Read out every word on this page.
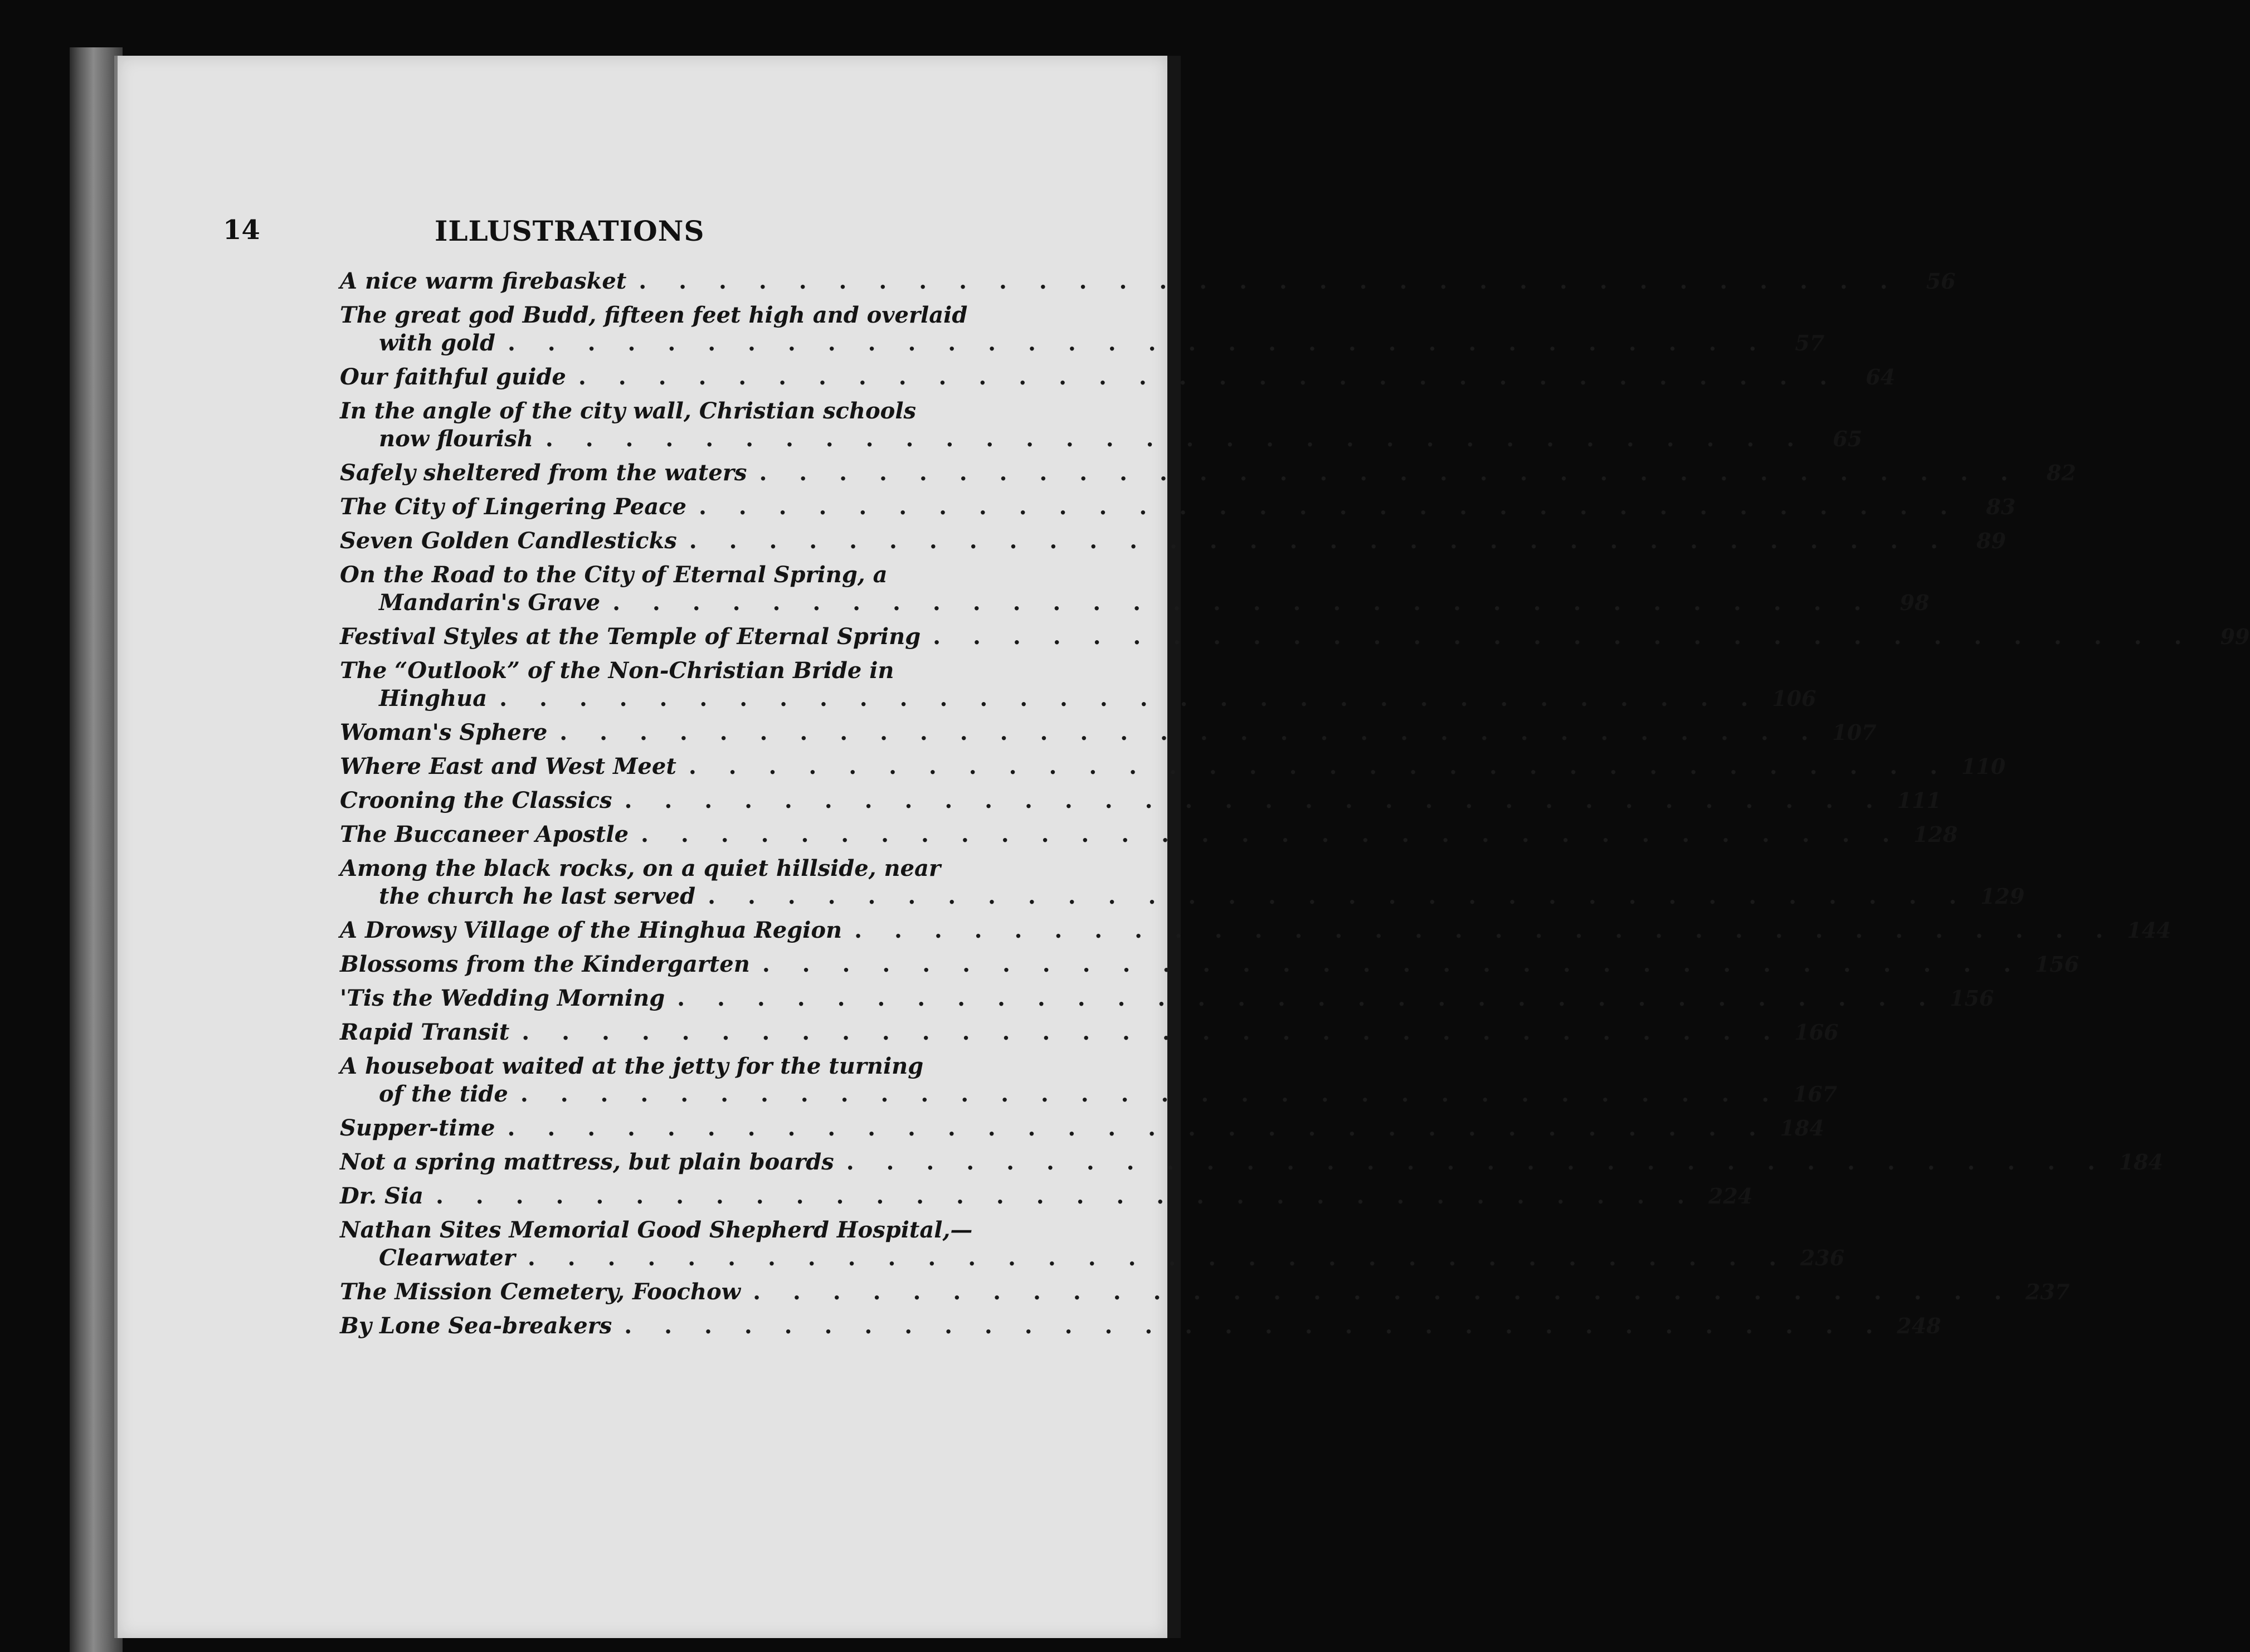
14	ILLUSTRATIONS
A nice warm firebasket . . . . . . . . . . . . . . . . . . . . . . . . . . . . . . . .	56
The great god Budd, fifteen feet high and overlaid
with gold . . . . . . . . . . . . . . . . . . . . . . . . . . . . . . . .	57
Our faithful guide . . . . . . . . . . . . . . . . . . . . . . . . . . . . . . . .	64
In the angle of the city wall, Christian schools
now flourish . . . . . . . . . . . . . . . . . . . . . . . . . . . . . . . .	65
Safely sheltered from the waters . . . . . . . . . . . . . . . . . . . . . . . . . . . . . . . .	82
The City of Lingering Peace . . . . . . . . . . . . . . . . . . . . . . . . . . . . . . . .	83
Seven Golden Candlesticks . . . . . . . . . . . . . . . . . . . . . . . . . . . . . . . .	89
On the Road to the City of Eternal Spring, a
Mandarin's Grave . . . . . . . . . . . . . . . . . . . . . . . . . . . . . . . .	98
Festival Styles at the Temple of Eternal Spring . . . . . . . . . . . . . . . . . . . . . . . . . . . . . . . .	99
The “Outlook” of the Non-Christian Bride in
Hinghua . . . . . . . . . . . . . . . . . . . . . . . . . . . . . . . . 106
Woman's Sphere . . . . . . . . . . . . . . . . . . . . . . . . . . . . . . . . 107
Where East and West Meet . . . . . . . . . . . . . . . . . . . . . . . . . . . . . . . . 110
Crooning the Classics . . . . . . . . . . . . . . . . . . . . . . . . . . . . . . . . 111
The Buccaneer Apostle . . . . . . . . . . . . . . . . . . . . . . . . . . . . . . . . 128
Among the black rocks, on a quiet hillside, near
the church he last served . . . . . . . . . . . . . . . . . . . . . . . . . . . . . . . . 129
A Drowsy Village of the Hinghua Region . . . . . . . . . . . . . . . . . . . . . . . . . . . . . . . . 144
Blossoms from the Kindergarten . . . . . . . . . . . . . . . . . . . . . . . . . . . . . . . . 156
'Tis the Wedding Morning . . . . . . . . . . . . . . . . . . . . . . . . . . . . . . . . 156
Rapid Transit . . . . . . . . . . . . . . . . . . . . . . . . . . . . . . . . 166
A houseboat waited at the jetty for the turning
of the tide . . . . . . . . . . . . . . . . . . . . . . . . . . . . . . . . 167
Supper-time . . . . . . . . . . . . . . . . . . . . . . . . . . . . . . . . 184
Not a spring mattress, but plain boards . . . . . . . . . . . . . . . . . . . . . . . . . . . . . . . . 184
Dr. Sia . . . . . . . . . . . . . . . . . . . . . . . . . . . . . . . . 224
Nathan Sites Memorial Good Shepherd Hospital,—
Clearwater . . . . . . . . . . . . . . . . . . . . . . . . . . . . . . . . 236
The Mission Cemetery, Foochow . . . . . . . . . . . . . . . . . . . . . . . . . . . . . . . . 237
By Lone Sea-breakers . . . . . . . . . . . . . . . . . . . . . . . . . . . . . . . . 248
